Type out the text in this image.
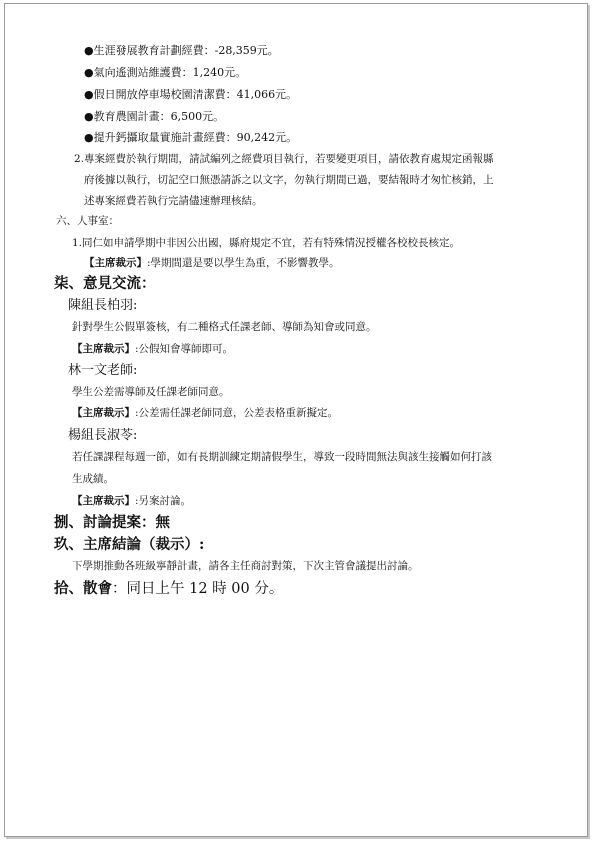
●生涯發展教育計劃經費：-28,359元。
●氣向遙測站維護費：1,240元。
●假日開放停車場校園清潔費：41,066元。
●教育農園計畫：6,500元。
●提升鈣攝取量實施計畫經費：90,242元。
2.專案經費於執行期間，請試編列之經費項目執行，若要變更項目，請依教育處規定函報縣
府後據以執行，切記空口無憑請訴之以文字，勿執行期間已過，要結報時才匆忙核銷，上
述專案經費若執行完請儘速辦理核結。
六、人事室：
1.同仁如申請學期中非因公出國，縣府規定不宜，若有特殊情況授權各校校長核定。
【主席裁示】:學期間還是要以學生為重，不影響教學。
柒、意見交流：
陳組長柏羽:
針對學生公假單簽核，有二種格式任課老師、導師為知會或同意。
【主席裁示】:公假知會導師即可。
林一文老師:
學生公差需導師及任課老師同意。
【主席裁示】:公差需任課老師同意，公差表格重新擬定。
楊組長淑苓:
若任課課程每週一節，如有長期訓練定期請假學生，導致一段時間無法與該生接觸如何打該
生成績。
【主席裁示】:另案討論。
捌、討論提案：無
玖、主席結論（裁示）:
下學期推動各班級寧靜計畫，請各主任商討對策，下次主管會議提出討論。
拾、散會：同日上午 12 時 00 分。
